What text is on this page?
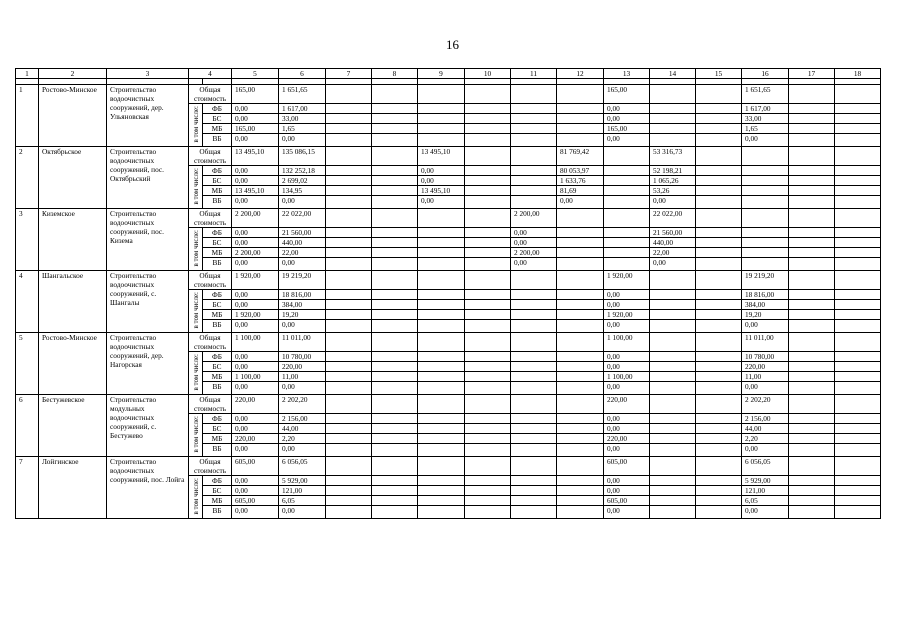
16
1	2	3	4		5	6	7	8	9	10	11	12	13	14	15	16	17	18

1	Ростово-Минское	Строительство водоочистных сооружений, дер. Ульяновская	Общая стоимость		165,00	1 651,65							165,00			1 651,65		
			в том числе:	ФБ	0,00	1 617,00							0,00			1 617,00		
				БС	0,00	33,00							0,00			33,00		
				МБ	165,00	1,65							165,00			1,65		
				ВБ	0,00	0,00							0,00			0,00		
2	Октябрьское	Строительство водоочистных сооружений, пос. Октябрьский	Общая стоимость		13 495,10	135 086,15			13 495,10			81 769,42		53 316,73				
			в том числе:	ФБ	0,00	132 252,18			0,00			80 053,97		52 198,21				
				БС	0,00	2 699,02			0,00			1 633,76		1 065,26				
				МБ	13 495,10	134,95			13 495,10			81,69		53,26				
				ВБ	0,00	0,00			0,00			0,00		0,00				
3	Киземское	Строительство водоочистных сооружений, пос. Кизема	Общая стоимость		2 200,00	22 022,00					2 200,00			22 022,00				
			в том числе:	ФБ	0,00	21 560,00					0,00			21 560,00				
				БС	0,00	440,00					0,00			440,00				
				МБ	2 200,00	22,00					2 200,00			22,00				
				ВБ	0,00	0,00					0,00			0,00				
4	Шангальское	Строительство водоочистных сооружений, с. Шангалы	Общая стоимость		1 920,00	19 219,20							1 920,00			19 219,20		
			в том числе:	ФБ	0,00	18 816,00							0,00			18 816,00		
				БС	0,00	384,00							0,00			384,00		
				МБ	1 920,00	19,20							1 920,00			19,20		
				ВБ	0,00	0,00							0,00			0,00		
5	Ростово-Минское	Строительство водоочистных сооружений, дер. Нагорская	Общая стоимость		1 100,00	11 011,00							1 100,00			11 011,00		
			в том числе:	ФБ	0,00	10 780,00							0,00			10 780,00		
				БС	0,00	220,00							0,00			220,00		
				МБ	1 100,00	11,00							1 100,00			11,00		
				ВБ	0,00	0,00							0,00			0,00		
6	Бестужевское	Строительство модульных водоочистных сооружений, с. Бестужево	Общая стоимость		220,00	2 202,20							220,00			2 202,20		
			в том числе:	ФБ	0,00	2 156,00							0,00			2 156,00		
				БС	0,00	44,00							0,00			44,00		
				МБ	220,00	2,20							220,00			2,20		
				ВБ	0,00	0,00							0,00			0,00		
7	Лойгинское	Строительство водоочистных сооружений, пос. Лойга	Общая стоимость		605,00	6 056,05							605,00			6 056,05		
			в том числе:	ФБ	0,00	5 929,00							0,00			5 929,00		
				БС	0,00	121,00							0,00			121,00		
				МБ	605,00	6,05							605,00			6,05		
				ВБ	0,00	0,00							0,00			0,00		
